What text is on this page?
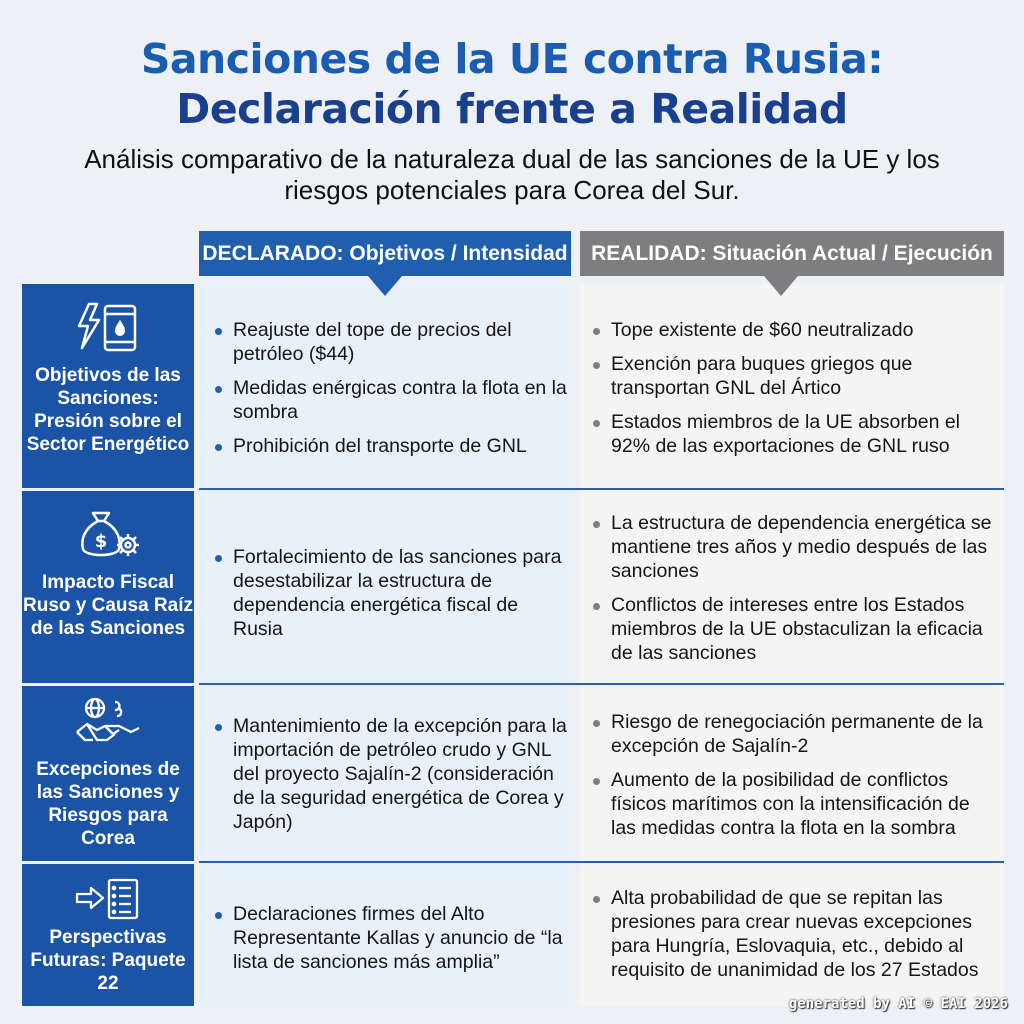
Sanciones de la UE contra Rusia:
Declaración frente a Realidad

Análisis comparativo de la naturaleza dual de las sanciones de la UE y los riesgos potenciales para Corea del Sur.

DECLARADO: Objetivos / Intensidad	REALIDAD: Situación Actual / Ejecución
Objetivos de las Sanciones: Presión sobre el Sector Energético
Reajuste del tope de precios del petróleo ($44)
Medidas enérgicas contra la flota en la sombra
Prohibición del transporte de GNL
Tope existente de $60 neutralizado
Exención para buques griegos que transportan GNL del Ártico
Estados miembros de la UE absorben el 92% de las exportaciones de GNL ruso
$
Impacto Fiscal Ruso y Causa Raíz de las Sanciones
Fortalecimiento de las sanciones para desestabilizar la estructura de dependencia energética fiscal de Rusia
La estructura de dependencia energética se mantiene tres años y medio después de las sanciones
Conflictos de intereses entre los Estados miembros de la UE obstaculizan la eficacia de las sanciones
Excepciones de las Sanciones y Riesgos para Corea
Mantenimiento de la excepción para la importación de petróleo crudo y GNL del proyecto Sajalín-2 (consideración de la seguridad energética de Corea y Japón)
Riesgo de renegociación permanente de la excepción de Sajalín-2
Aumento de la posibilidad de conflictos físicos marítimos con la intensificación de las medidas contra la flota en la sombra
Perspectivas Futuras: Paquete 22
Declaraciones firmes del Alto Representante Kallas y anuncio de “la lista de sanciones más amplia”
Alta probabilidad de que se repitan las presiones para crear nuevas excepciones para Hungría, Eslovaquia, etc., debido al requisito de unanimidad de los 27 Estados
generated by AI © EAI 2026
